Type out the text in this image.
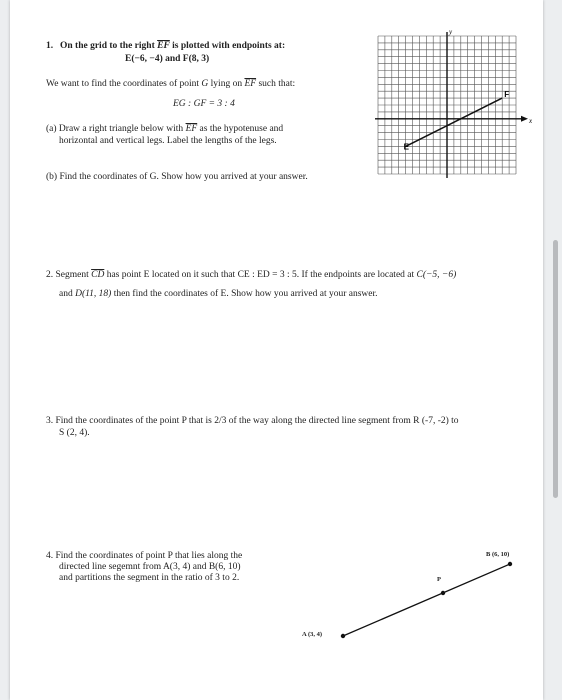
1. On the grid to the right $\overline{EF}$ is plotted with endpoints at:
E(−6, −4) and F(8, 3)
We want to find the coordinates of point G lying on $\overline{EF}$ such that:
EG : GF = 3 : 4
(a) Draw a right triangle below with $\overline{EF}$ as the hypotenuse and
horizontal and vertical legs. Label the lengths of the legs.
(b) Find the coordinates of G. Show how you arrived at your answer.
y
x
E
F
2. Segment $\overline{CD}$ has point E located on it such that CE : ED = 3 : 5. If the endpoints are located at C(−5, −6)
and D(11, 18) then find the coordinates of E. Show how you arrived at your answer.
3. Find the coordinates of the point P that is 2/3 of the way along the directed line segment from R (-7, -2) to
S (2, 4).
4. Find the coordinates of point P that lies along the
directed line segemnt from A(3, 4) and B(6, 10)
and partitions the segment in the ratio of 3 to 2.
A (3, 4)
P
B (6, 10)
